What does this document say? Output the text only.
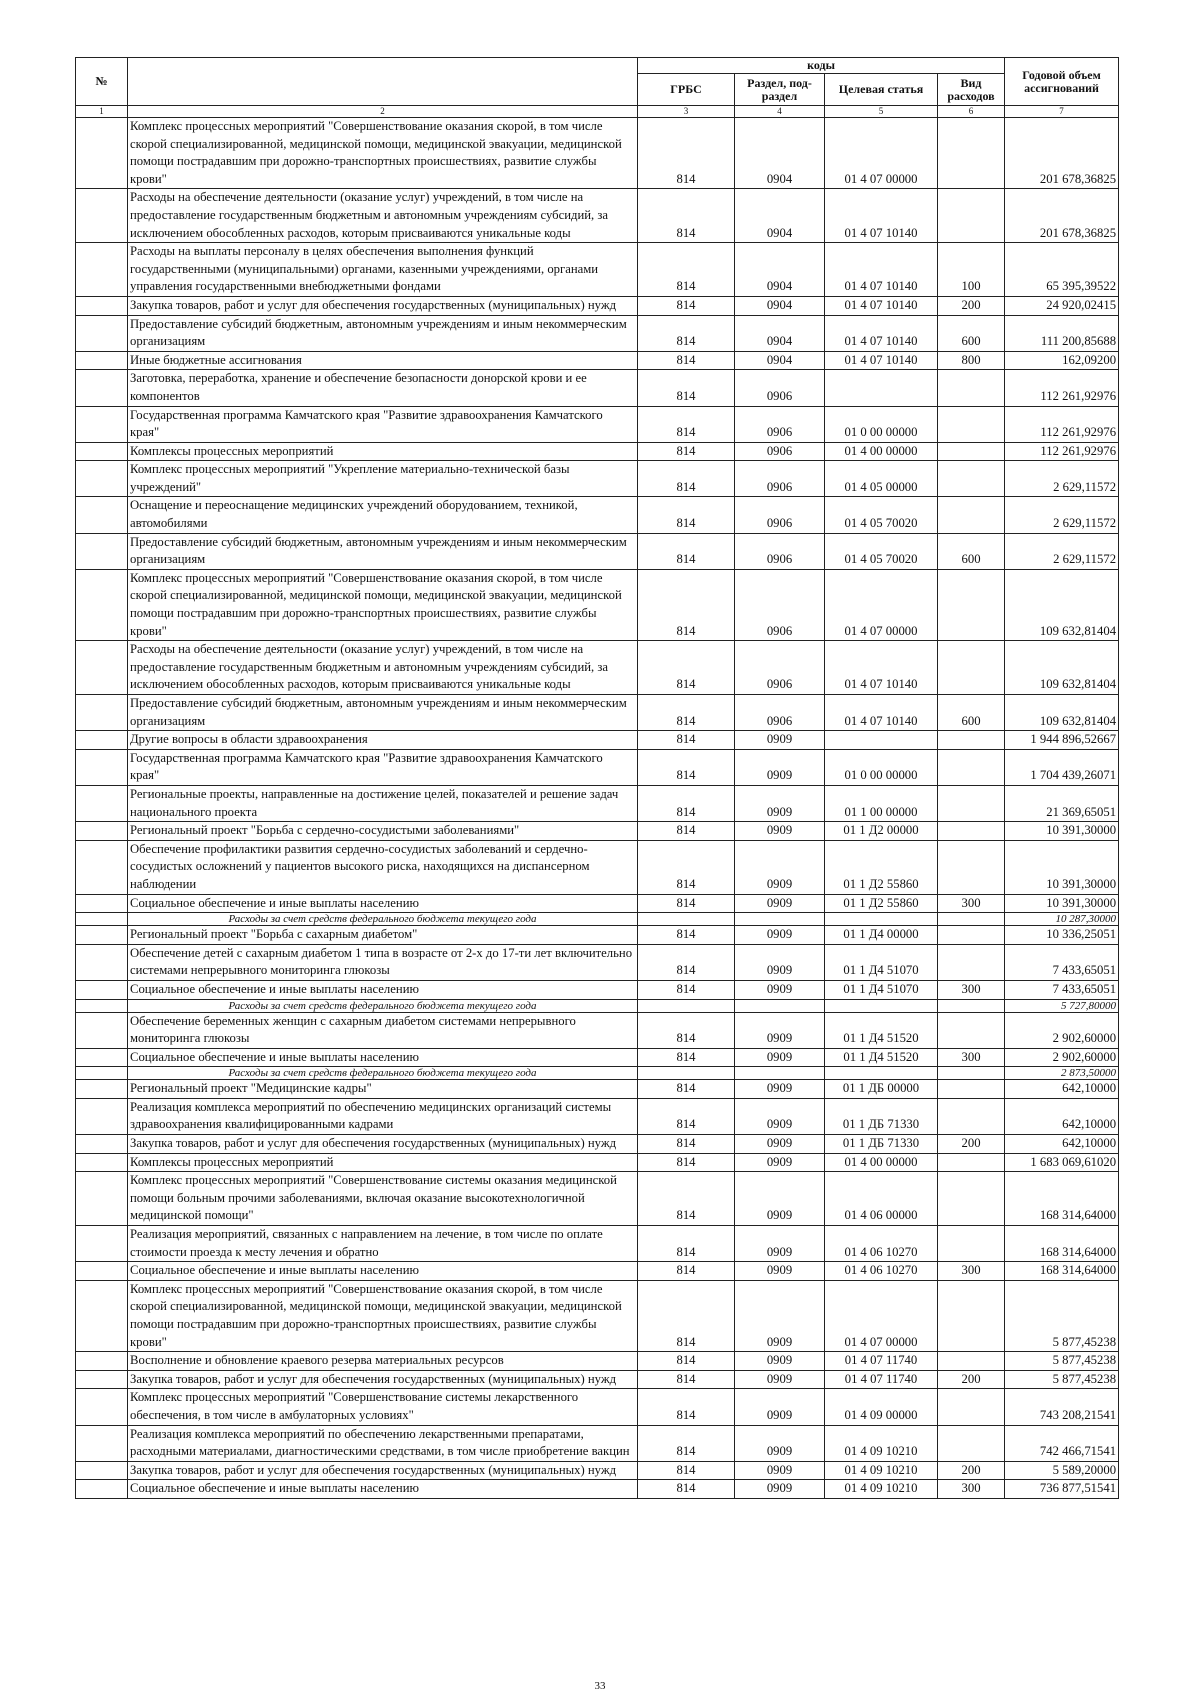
№		коды				Годовой объем ассигнований
		ГРБС	Раздел, под-раздел	Целевая статья	Вид расходов	
1	2	3	4	5	6	7
	Комплекс процессных мероприятий "Совершенствование оказания скорой, в том числе скорой специализированной, медицинской помощи, медицинской эвакуации, медицинской помощи пострадавшим при дорожно-транспортных происшествиях, развитие службы крови"	814	0904	01 4 07 00000		201 678,36825
	Расходы на обеспечение деятельности (оказание услуг) учреждений, в том числе на предоставление государственным бюджетным и автономным учреждениям субсидий, за исключением обособленных расходов, которым присваиваются уникальные коды	814	0904	01 4 07 10140		201 678,36825
	Расходы на выплаты персоналу в целях обеспечения выполнения функций государственными (муниципальными) органами, казенными учреждениями, органами управления государственными внебюджетными фондами	814	0904	01 4 07 10140	100	65 395,39522
	Закупка товаров, работ и услуг для обеспечения государственных (муниципальных) нужд	814	0904	01 4 07 10140	200	24 920,02415
	Предоставление субсидий бюджетным, автономным учреждениям и иным некоммерческим организациям	814	0904	01 4 07 10140	600	111 200,85688
	Иные бюджетные ассигнования	814	0904	01 4 07 10140	800	162,09200
	Заготовка, переработка, хранение и обеспечение безопасности донорской крови и ее компонентов	814	0906			112 261,92976
	Государственная программа Камчатского края "Развитие здравоохранения Камчатского края"	814	0906	01 0 00 00000		112 261,92976
	Комплексы процессных мероприятий	814	0906	01 4 00 00000		112 261,92976
	Комплекс процессных мероприятий "Укрепление материально-технической базы учреждений"	814	0906	01 4 05 00000		2 629,11572
	Оснащение и переоснащение медицинских учреждений оборудованием, техникой, автомобилями	814	0906	01 4 05 70020		2 629,11572
	Предоставление субсидий бюджетным, автономным учреждениям и иным некоммерческим организациям	814	0906	01 4 05 70020	600	2 629,11572
	Комплекс процессных мероприятий "Совершенствование оказания скорой, в том числе скорой специализированной, медицинской помощи, медицинской эвакуации, медицинской помощи пострадавшим при дорожно-транспортных происшествиях, развитие службы крови"	814	0906	01 4 07 00000		109 632,81404
	Расходы на обеспечение деятельности (оказание услуг) учреждений, в том числе на предоставление государственным бюджетным и автономным учреждениям субсидий, за исключением обособленных расходов, которым присваиваются уникальные коды	814	0906	01 4 07 10140		109 632,81404
	Предоставление субсидий бюджетным, автономным учреждениям и иным некоммерческим организациям	814	0906	01 4 07 10140	600	109 632,81404
	Другие вопросы в области здравоохранения	814	0909			1 944 896,52667
	Государственная программа Камчатского края "Развитие здравоохранения Камчатского края"	814	0909	01 0 00 00000		1 704 439,26071
	Региональные проекты, направленные на достижение целей, показателей и решение задач национального проекта	814	0909	01 1 00 00000		21 369,65051
	Региональный проект "Борьба с сердечно-сосудистыми заболеваниями"	814	0909	01 1 Д2 00000		10 391,30000
	Обеспечение профилактики развития сердечно-сосудистых заболеваний и сердечно-сосудистых осложнений у пациентов высокого риска, находящихся на диспансерном наблюдении	814	0909	01 1 Д2 55860		10 391,30000
	Социальное обеспечение и иные выплаты населению	814	0909	01 1 Д2 55860	300	10 391,30000
	Расходы за счет средств федерального бюджета текущего года					10 287,30000
	Региональный проект "Борьба с сахарным диабетом"	814	0909	01 1 Д4 00000		10 336,25051
	Обеспечение детей с сахарным диабетом 1 типа в возрасте от 2-х до 17-ти лет включительно системами непрерывного мониторинга глюкозы	814	0909	01 1 Д4 51070		7 433,65051
	Социальное обеспечение и иные выплаты населению	814	0909	01 1 Д4 51070	300	7 433,65051
	Расходы за счет средств федерального бюджета текущего года					5 727,80000
	Обеспечение беременных женщин с сахарным диабетом системами непрерывного мониторинга глюкозы	814	0909	01 1 Д4 51520		2 902,60000
	Социальное обеспечение и иные выплаты населению	814	0909	01 1 Д4 51520	300	2 902,60000
	Расходы за счет средств федерального бюджета текущего года					2 873,50000
	Региональный проект "Медицинские кадры"	814	0909	01 1 ДБ 00000		642,10000
	Реализация комплекса мероприятий по обеспечению медицинских организаций системы здравоохранения квалифицированными кадрами	814	0909	01 1 ДБ 71330		642,10000
	Закупка товаров, работ и услуг для обеспечения государственных (муниципальных) нужд	814	0909	01 1 ДБ 71330	200	642,10000
	Комплексы процессных мероприятий	814	0909	01 4 00 00000		1 683 069,61020
	Комплекс процессных мероприятий "Совершенствование системы оказания медицинской помощи больным прочими заболеваниями, включая оказание высокотехнологичной медицинской помощи"	814	0909	01 4 06 00000		168 314,64000
	Реализация мероприятий, связанных с направлением на лечение, в том числе по оплате стоимости проезда к месту лечения и обратно	814	0909	01 4 06 10270		168 314,64000
	Социальное обеспечение и иные выплаты населению	814	0909	01 4 06 10270	300	168 314,64000
	Комплекс процессных мероприятий "Совершенствование оказания скорой, в том числе скорой специализированной, медицинской помощи, медицинской эвакуации, медицинской помощи пострадавшим при дорожно-транспортных происшествиях, развитие службы крови"	814	0909	01 4 07 00000		5 877,45238
	Восполнение и обновление краевого резерва материальных ресурсов	814	0909	01 4 07 11740		5 877,45238
	Закупка товаров, работ и услуг для обеспечения государственных (муниципальных) нужд	814	0909	01 4 07 11740	200	5 877,45238
	Комплекс процессных мероприятий "Совершенствование системы лекарственного обеспечения, в том числе в амбулаторных условиях"	814	0909	01 4 09 00000		743 208,21541
	Реализация комплекса мероприятий по обеспечению лекарственными препаратами, расходными материалами, диагностическими средствами, в том числе приобретение вакцин	814	0909	01 4 09 10210		742 466,71541
	Закупка товаров, работ и услуг для обеспечения государственных (муниципальных) нужд	814	0909	01 4 09 10210	200	5 589,20000
	Социальное обеспечение и иные выплаты населению	814	0909	01 4 09 10210	300	736 877,51541
33
